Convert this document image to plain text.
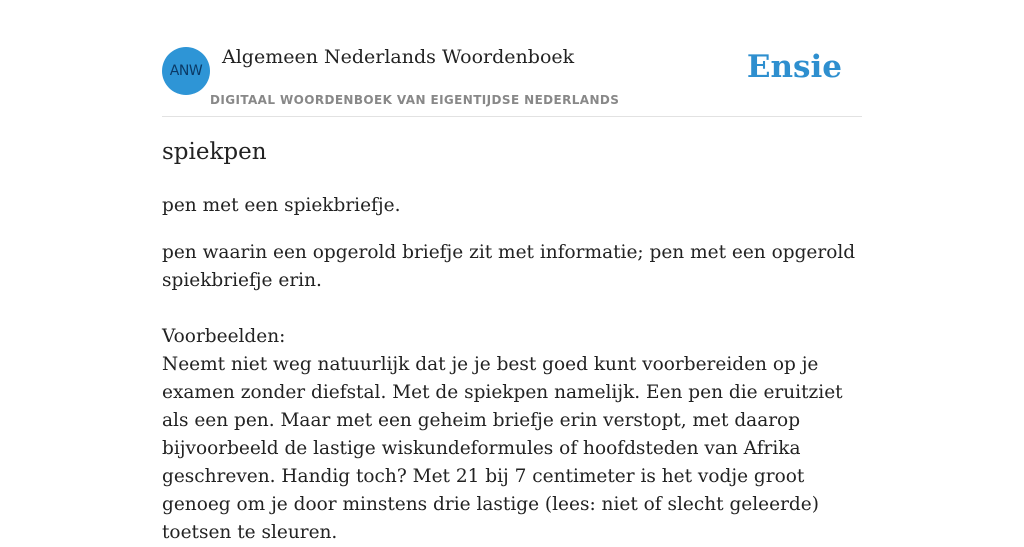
ANW
Algemeen Nederlands Woordenboek
DIGITAAL WOORDENBOEK VAN EIGENTIJDSE NEDERLANDS
Ensie
spiekpen
pen met een spiekbriefje.
pen waarin een opgerold briefje zit met informatie; pen met een opgerold spiekbriefje erin.
Voorbeelden:
Neemt niet weg natuurlijk dat je je best goed kunt voorbereiden op je examen zonder diefstal. Met de spiekpen namelijk. Een pen die eruitziet als een pen. Maar met een geheim briefje erin verstopt, met daarop bijvoorbeeld de lastige wiskundeformules of hoofdsteden van Afrika geschreven. Handig toch? Met 21 bij 7 centimeter is het vodje groot genoeg om je door minstens drie lastige (lees: niet of slecht geleerde) toetsen te sleuren.
